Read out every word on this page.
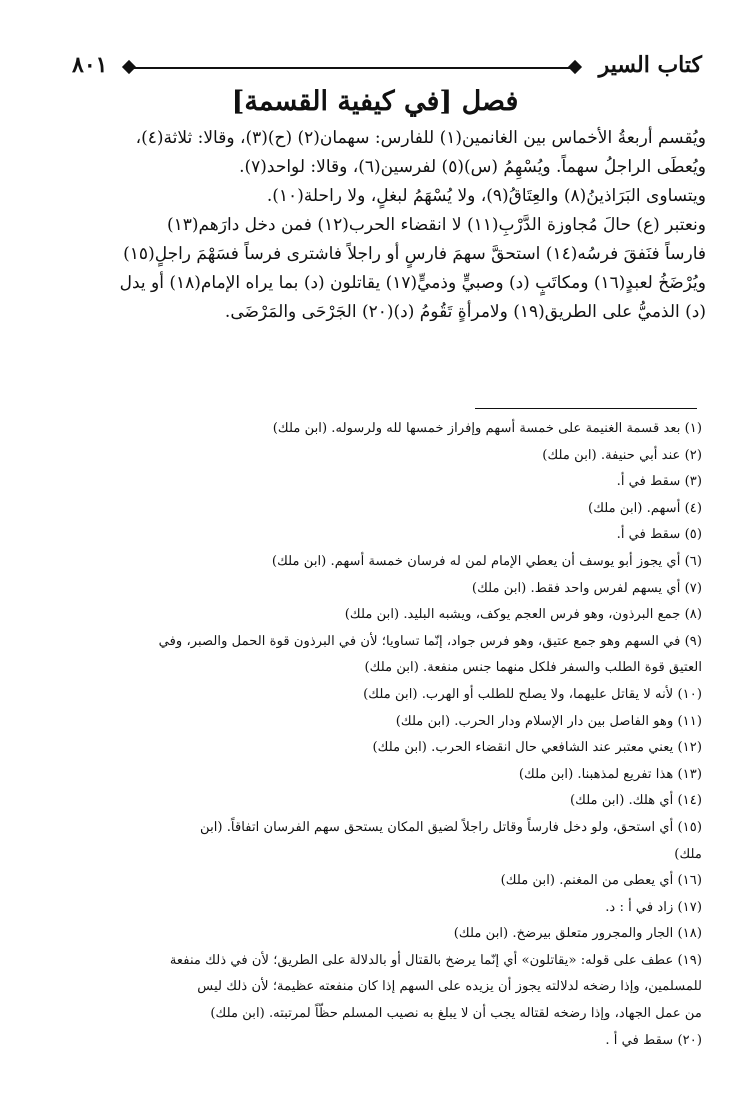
كتاب السير
٨٠١
فصل [في كيفية القسمة]

ويُقسم أربعةُ الأخماس بين الغانمين(١) للفارس: سهمان(٢) (ح)(٣)، وقالا: ثلاثة(٤)،

ويُعطَى الراجلُ سهماً. ويُسْهِمُ (س)(٥) لفرسين(٦)، وقالا: لواحد(٧).

ويتساوى البَرَاذينُ(٨) والعِتَاقُ(٩)، ولا يُسْهَمُ لبغلٍ، ولا راحلة(١٠).

ونعتبر (ع) حالَ مُجاوزة الدَّرْبِ(١١) لا انقضاء الحرب(١٢) فمن دخل دارَهم(١٣)

فارساً فنَفقَ فرسُه(١٤) استحقَّ سهمَ فارسٍ أو راجلاً فاشترى فرساً فسَهْمَ راجلٍ(١٥)

ويُرْضَخُ لعبدٍ(١٦) ومكاتَبٍ (د) وصبيٍّ وذميٍّ(١٧) يقاتلون (د) بما يراه الإمام(١٨) أو يدل

(د) الذميُّ على الطريق(١٩) ولامرأةٍ تَقُومُ (د)(٢٠) الجَرْحَى والمَرْضَى.

(١) بعد قسمة الغنيمة على خمسة أسهم وإفراز خمسها لله ولرسوله. (ابن ملك)
(٢) عند أبي حنيفة. (ابن ملك)
(٣) سقط في أ.
(٤) أسهم. (ابن ملك)
(٥) سقط في أ.
(٦) أي يجوز أبو يوسف أن يعطي الإمام لمن له فرسان خمسة أسهم. (ابن ملك)
(٧) أي يسهم لفرس واحد فقط. (ابن ملك)
(٨) جمع البرذون، وهو فرس العجم يوكف، ويشبه البليد. (ابن ملك)
(٩) في السهم وهو جمع عتيق، وهو فرس جواد، إنّما تساويا؛ لأن في البرذون قوة الحمل والصبر، وفي
العتيق قوة الطلب والسفر فلكل منهما جنس منفعة. (ابن ملك)
(١٠) لأنه لا يقاتل عليهما، ولا يصلح للطلب أو الهرب. (ابن ملك)
(١١) وهو الفاصل بين دار الإسلام ودار الحرب. (ابن ملك)
(١٢) يعني معتبر عند الشافعي حال انقضاء الحرب. (ابن ملك)
(١٣) هذا تفريع لمذهبنا. (ابن ملك)
(١٤) أي هلك. (ابن ملك)
(١٥) أي استحق، ولو دخل فارساً وقاتل راجلاً لضيق المكان يستحق سهم الفرسان اتفاقاً. (ابن
ملك)
(١٦) أي يعطى من المغنم. (ابن ملك)
(١٧) زاد في أ : د.
(١٨) الجار والمجرور متعلق بيرضخ. (ابن ملك)
(١٩) عطف على قوله: «يقاتلون» أي إنّما يرضخ بالقتال أو بالدلالة على الطريق؛ لأن في ذلك منفعة
للمسلمين، وإذا رضخه لدلالته يجوز أن يزيده على السهم إذا كان منفعته عظيمة؛ لأن ذلك ليس
من عمل الجهاد، وإذا رضخه لقتاله يجب أن لا يبلغ به نصيب المسلم حظّاً لمرتبته. (ابن ملك)
(٢٠) سقط في أ .
